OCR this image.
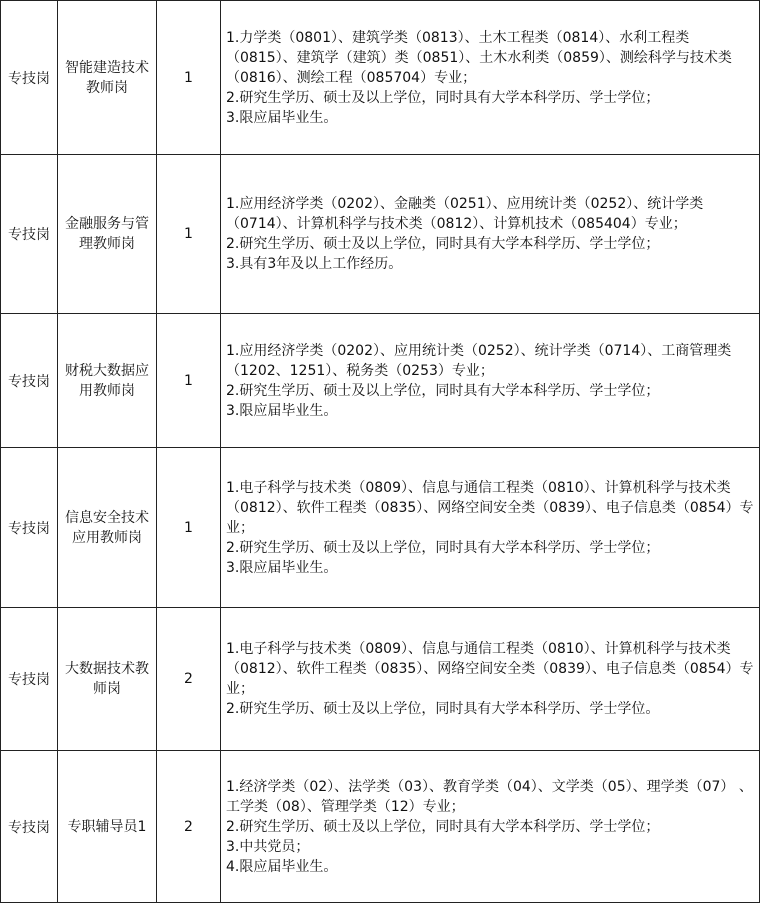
专技岗	智能建造技术教师岗	1	1.力学类（0801）、建筑学类（0813）、土木工程类（0814）、水利工程类（0815）、建筑学（建筑）类（0851）、土木水利类（0859）、测绘科学与技术类（0816）、测绘工程（085704）专业；
2.研究生学历、硕士及以上学位，同时具有大学本科学历、学士学位；
3.限应届毕业生。

专技岗	金融服务与管理教师岗	1	1.应用经济学类（0202）、金融类（0251）、应用统计类（0252）、统计学类（0714）、计算机科学与技术类（0812）、计算机技术（085404）专业；
2.研究生学历、硕士及以上学位，同时具有大学本科学历、学士学位；
3.具有3年及以上工作经历。

专技岗	财税大数据应用教师岗	1	1.应用经济学类（0202）、应用统计类（0252）、统计学类（0714）、工商管理类（1202、1251）、税务类（0253）专业；
2.研究生学历、硕士及以上学位，同时具有大学本科学历、学士学位；
3.限应届毕业生。

专技岗	信息安全技术应用教师岗	1	1.电子科学与技术类（0809）、信息与通信工程类（0810）、计算机科学与技术类（0812）、软件工程类（0835）、网络空间安全类（0839）、电子信息类（0854）专业；
2.研究生学历、硕士及以上学位，同时具有大学本科学历、学士学位；
3.限应届毕业生。

专技岗	大数据技术教师岗	2	1.电子科学与技术类（0809）、信息与通信工程类（0810）、计算机科学与技术类（0812）、软件工程类（0835）、网络空间安全类（0839）、电子信息类（0854）专业；
2.研究生学历、硕士及以上学位，同时具有大学本科学历、学士学位。

专技岗	专职辅导员1	2	1.经济学类（02）、法学类（03）、教育学类（04）、文学类（05）、理学类（07） 、工学类（08）、管理学类（12）专业；
2.研究生学历、硕士及以上学位，同时具有大学本科学历、学士学位；
3.中共党员；
4.限应届毕业生。
